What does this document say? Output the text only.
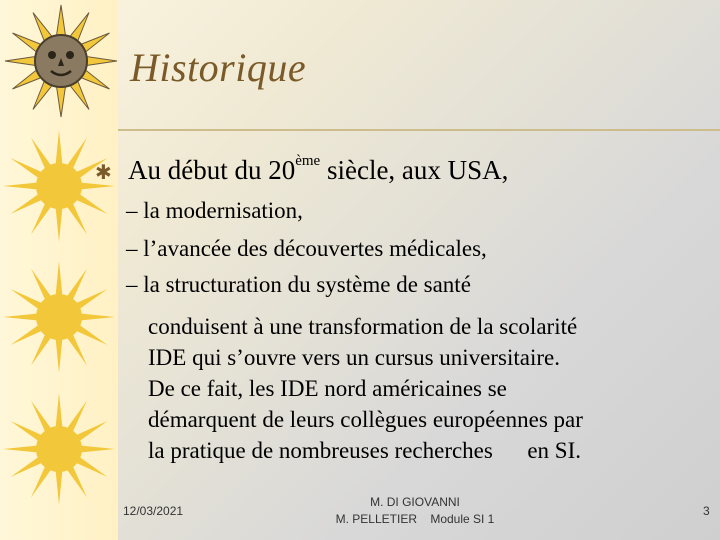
Historique
✱ Au début du 20ème siècle, aux USA,
– la modernisation,
– l’avancée des découvertes médicales,
– la structuration du système de santé
conduisent à une transformation de la scolarité
IDE qui s’ouvre vers un cursus universitaire.
De ce fait, les IDE nord américaines se
démarquent de leurs collègues européennes par
la pratique de nombreuses recherches      en SI.
12/03/2021
M. DI GIOVANNI
M. PELLETIER    Module SI 1
3
